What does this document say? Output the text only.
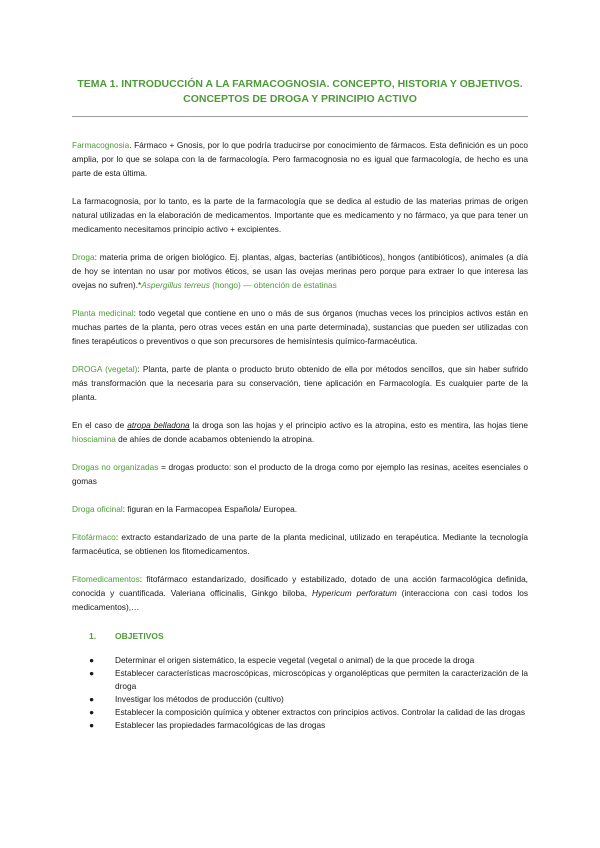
TEMA 1. INTRODUCCIÓN A LA FARMACOGNOSIA. CONCEPTO, HISTORIA Y OBJETIVOS.
CONCEPTOS DE DROGA Y PRINCIPIO ACTIVO

Farmacognosia. Fármaco + Gnosis, por lo que podría traducirse por conocimiento de fármacos. Esta definición es un poco amplia, por lo que se solapa con la de farmacología. Pero farmacognosia no es igual que farmacología, de hecho es una parte de esta última.

La farmacognosia, por lo tanto, es la parte de la farmacología que se dedica al estudio de las materias primas de origen natural utilizadas en la elaboración de medicamentos. Importante que es medicamento y no fármaco, ya que para tener un medicamento necesitamos principio activo + excipientes.

Droga: materia prima de origen biológico. Ej. plantas, algas, bacterias (antibióticos), hongos (antibióticos), animales (a día de hoy se intentan no usar por motivos éticos, se usan las ovejas merinas pero porque para extraer lo que interesa las ovejas no sufren).*Aspergillus terreus (hongo) — obtención de estatinas

Planta medicinal: todo vegetal que contiene en uno o más de sus órganos (muchas veces los principios activos están en muchas partes de la planta, pero otras veces están en una parte determinada), sustancias que pueden ser utilizadas con fines terapéuticos o preventivos o que son precursores de hemisíntesis químico-farmacéutica.

DROGA (vegetal): Planta, parte de planta o producto bruto obtenido de ella por métodos sencillos, que sin haber sufrido más transformación que la necesaria para su conservación, tiene aplicación en Farmacología. Es cualquier parte de la planta.

En el caso de atropa belladona la droga son las hojas y el principio activo es la atropina, esto es mentira, las hojas tiene hiosciamina de ahíes de donde acabamos obteniendo la atropina.

Drogas no organizadas = drogas producto: son el producto de la droga como por ejemplo las resinas, aceites esenciales o gomas

Droga oficinal: figuran en la Farmacopea Española/ Europea.

Fitofármaco: extracto estandarizado de una parte de la planta medicinal, utilizado en terapéutica. Mediante la tecnología farmacéutica, se obtienen los fitomedicamentos.

Fitomedicamentos: fitofármaco estandarizado, dosificado y estabilizado, dotado de una acción farmacológica definida, conocida y cuantificada. Valeriana officinalis, Ginkgo biloba, Hypericum perforatum (interacciona con casi todos los medicamentos),…

1. OBJETIVOS
●	Determinar el origen sistemático, la especie vegetal (vegetal o animal) de la que procede la droga
●	Establecer características macroscópicas, microscópicas y organolépticas que permiten la caracterización de la droga
●	Investigar los métodos de producción (cultivo)
●	Establecer la composición química y obtener extractos con principios activos. Controlar la calidad de las drogas
●	Establecer las propiedades farmacológicas de las drogas
